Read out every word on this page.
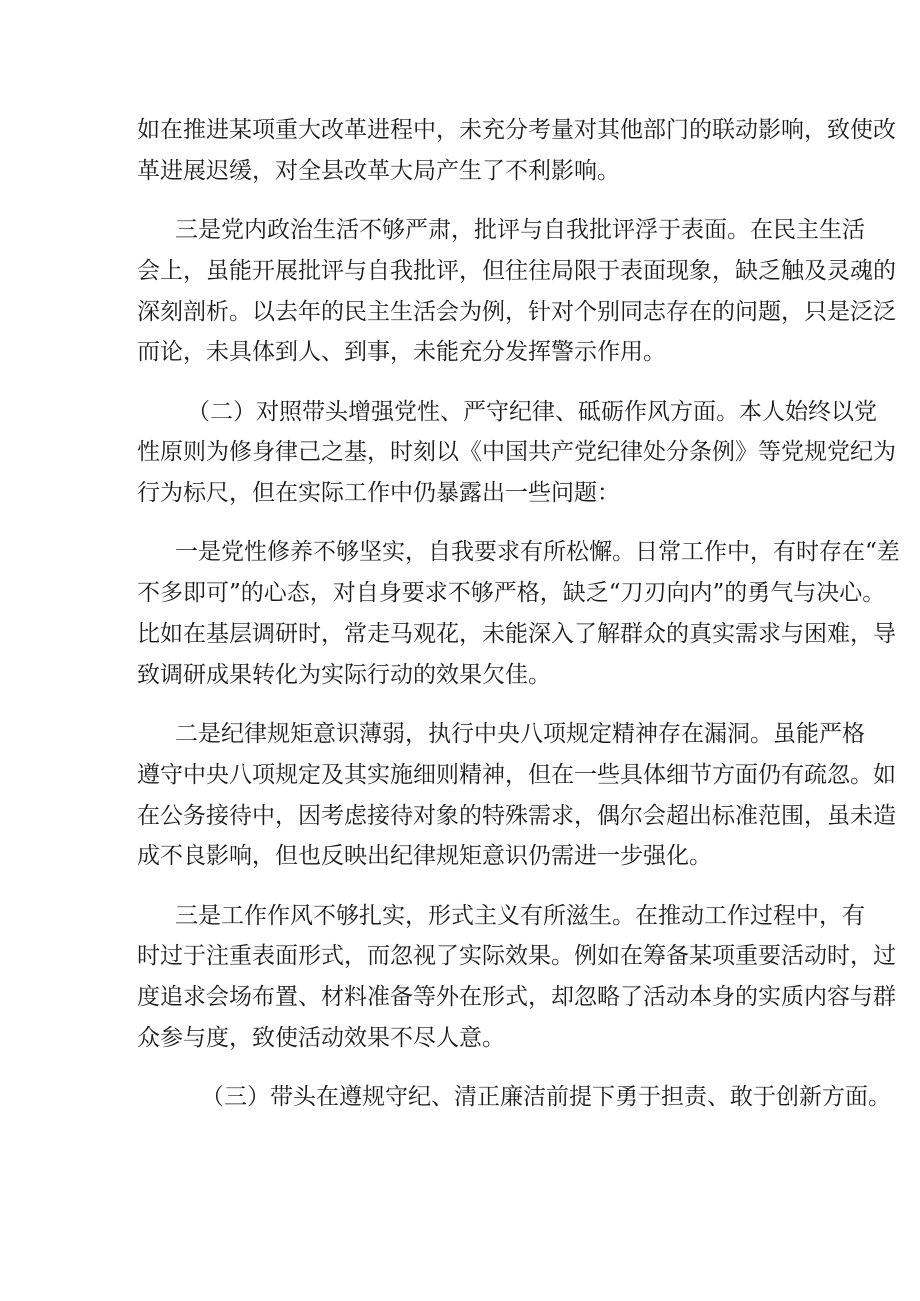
如在推进某项重大改革进程中，未充分考量对其他部门的联动影响，致使改
革进展迟缓，对全县改革大局产生了不利影响。
三是党内政治生活不够严肃，批评与自我批评浮于表面。在民主生活
会上，虽能开展批评与自我批评，但往往局限于表面现象，缺乏触及灵魂的
深刻剖析。以去年的民主生活会为例，针对个别同志存在的问题，只是泛泛
而论，未具体到人、到事，未能充分发挥警示作用。
（二）对照带头增强党性、严守纪律、砥砺作风方面。本人始终以党
性原则为修身律己之基，时刻以《中国共产党纪律处分条例》等党规党纪为
行为标尺，但在实际工作中仍暴露出一些问题：
一是党性修养不够坚实，自我要求有所松懈。日常工作中，有时存在“差
不多即可”的心态，对自身要求不够严格，缺乏“刀刃向内”的勇气与决心。
比如在基层调研时，常走马观花，未能深入了解群众的真实需求与困难，导
致调研成果转化为实际行动的效果欠佳。
二是纪律规矩意识薄弱，执行中央八项规定精神存在漏洞。虽能严格
遵守中央八项规定及其实施细则精神，但在一些具体细节方面仍有疏忽。如
在公务接待中，因考虑接待对象的特殊需求，偶尔会超出标准范围，虽未造
成不良影响，但也反映出纪律规矩意识仍需进一步强化。
三是工作作风不够扎实，形式主义有所滋生。在推动工作过程中，有
时过于注重表面形式，而忽视了实际效果。例如在筹备某项重要活动时，过
度追求会场布置、材料准备等外在形式，却忽略了活动本身的实质内容与群
众参与度，致使活动效果不尽人意。
（三）带头在遵规守纪、清正廉洁前提下勇于担责、敢于创新方面。
